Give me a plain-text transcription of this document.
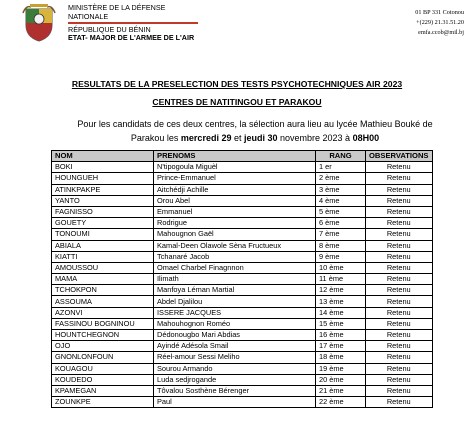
MINISTÈRE DE LA DÉFENSE
NATIONALE
RÉPUBLIQUE DU BÉNIN
ETAT- MAJOR DE L'ARMEE DE L'AIR
01 BP 331 Cotonou
+(229) 21.31.51.20
emfa.ccob@mil.bj
RESULTATS DE LA PRESELECTION DES TESTS PSYCHOTECHNIQUES AIR 2023
CENTRES DE NATITINGOU ET PARAKOU
Pour les candidats de ces deux centres, la sélection aura lieu au lycée Mathieu Bouké de Parakou les mercredi 29 et jeudi 30 novembre 2023 à 08H00
NOM	PRENOMS	RANG	OBSERVATIONS
BOKI	N'tipogoula Miguèl	1 er	Retenu
HOUNGUEH	Prince-Emmanuel	2 ème	Retenu
ATINKPAKPE	Aitchédji Achille	3 ème	Retenu
YANTO	Orou Abel	4 ème	Retenu
FAGNISSO	Emmanuel	5 ème	Retenu
GOUETY	Rodrigue	6 ème	Retenu
TONOUMI	Mahougnon Gaël	7 ème	Retenu
ABIALA	Kamal-Deen Olawole Sèna Fructueux	8 ème	Retenu
KIATTI	Tchanaré Jacob	9 ème	Retenu
AMOUSSOU	Omael Charbel Finagnnon	10 ème	Retenu
MAMA	Ilimath	11 ème	Retenu
TCHOKPON	Manfoya Léman Martial	12 ème	Retenu
ASSOUMA	Abdel Djalilou	13 ème	Retenu
AZONVI	ISSERE JACQUES	14 ème	Retenu
FASSINOU BOGNINOU	Mahouhognon Roméo	15 ème	Retenu
HOUNTCHEGNON	Dédonougbo Mari Abdias	16 ème	Retenu
OJO	Ayindé Adésola Smail	17 ème	Retenu
GNONLONFOUN	Réel-amour Sessi Meliho	18 ème	Retenu
KOUAGOU	Sourou Armando	19 ème	Retenu
KOUDEDO	Luda sedjrogande	20 ème	Retenu
KPAMEGAN	Tôvalou Sosthène Bérenger	21 ème	Retenu
ZOUNKPE	Paul	22 ème	Retenu
